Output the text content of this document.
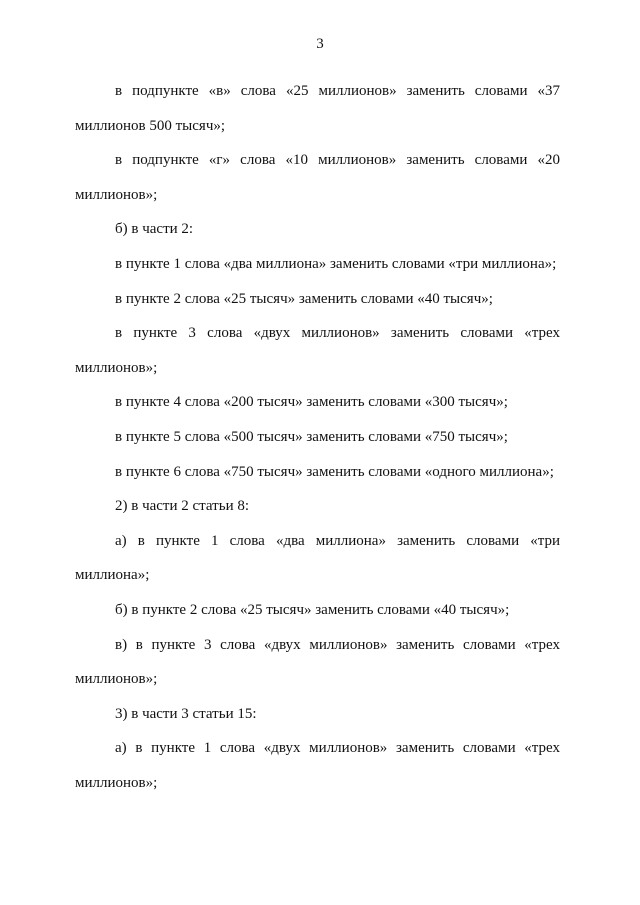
3

в подпункте «в» слова «25 миллионов» заменить словами «37 миллионов 500 тысяч»;

в подпункте «г» слова «10 миллионов» заменить словами «20 миллионов»;

б) в части 2:

в пункте 1 слова «два миллиона» заменить словами «три миллиона»;

в пункте 2 слова «25 тысяч» заменить словами «40 тысяч»;

в пункте 3 слова «двух миллионов» заменить словами «трех миллионов»;

в пункте 4 слова «200 тысяч» заменить словами «300 тысяч»;

в пункте 5 слова «500 тысяч» заменить словами «750 тысяч»;

в пункте 6 слова «750 тысяч» заменить словами «одного миллиона»;

2) в части 2 статьи 8:

а) в пункте 1 слова «два миллиона» заменить словами «три миллиона»;

б) в пункте 2 слова «25 тысяч» заменить словами «40 тысяч»;

в) в пункте 3 слова «двух миллионов» заменить словами «трех миллионов»;

3) в части 3 статьи 15:

а) в пункте 1 слова «двух миллионов» заменить словами «трех миллионов»;
